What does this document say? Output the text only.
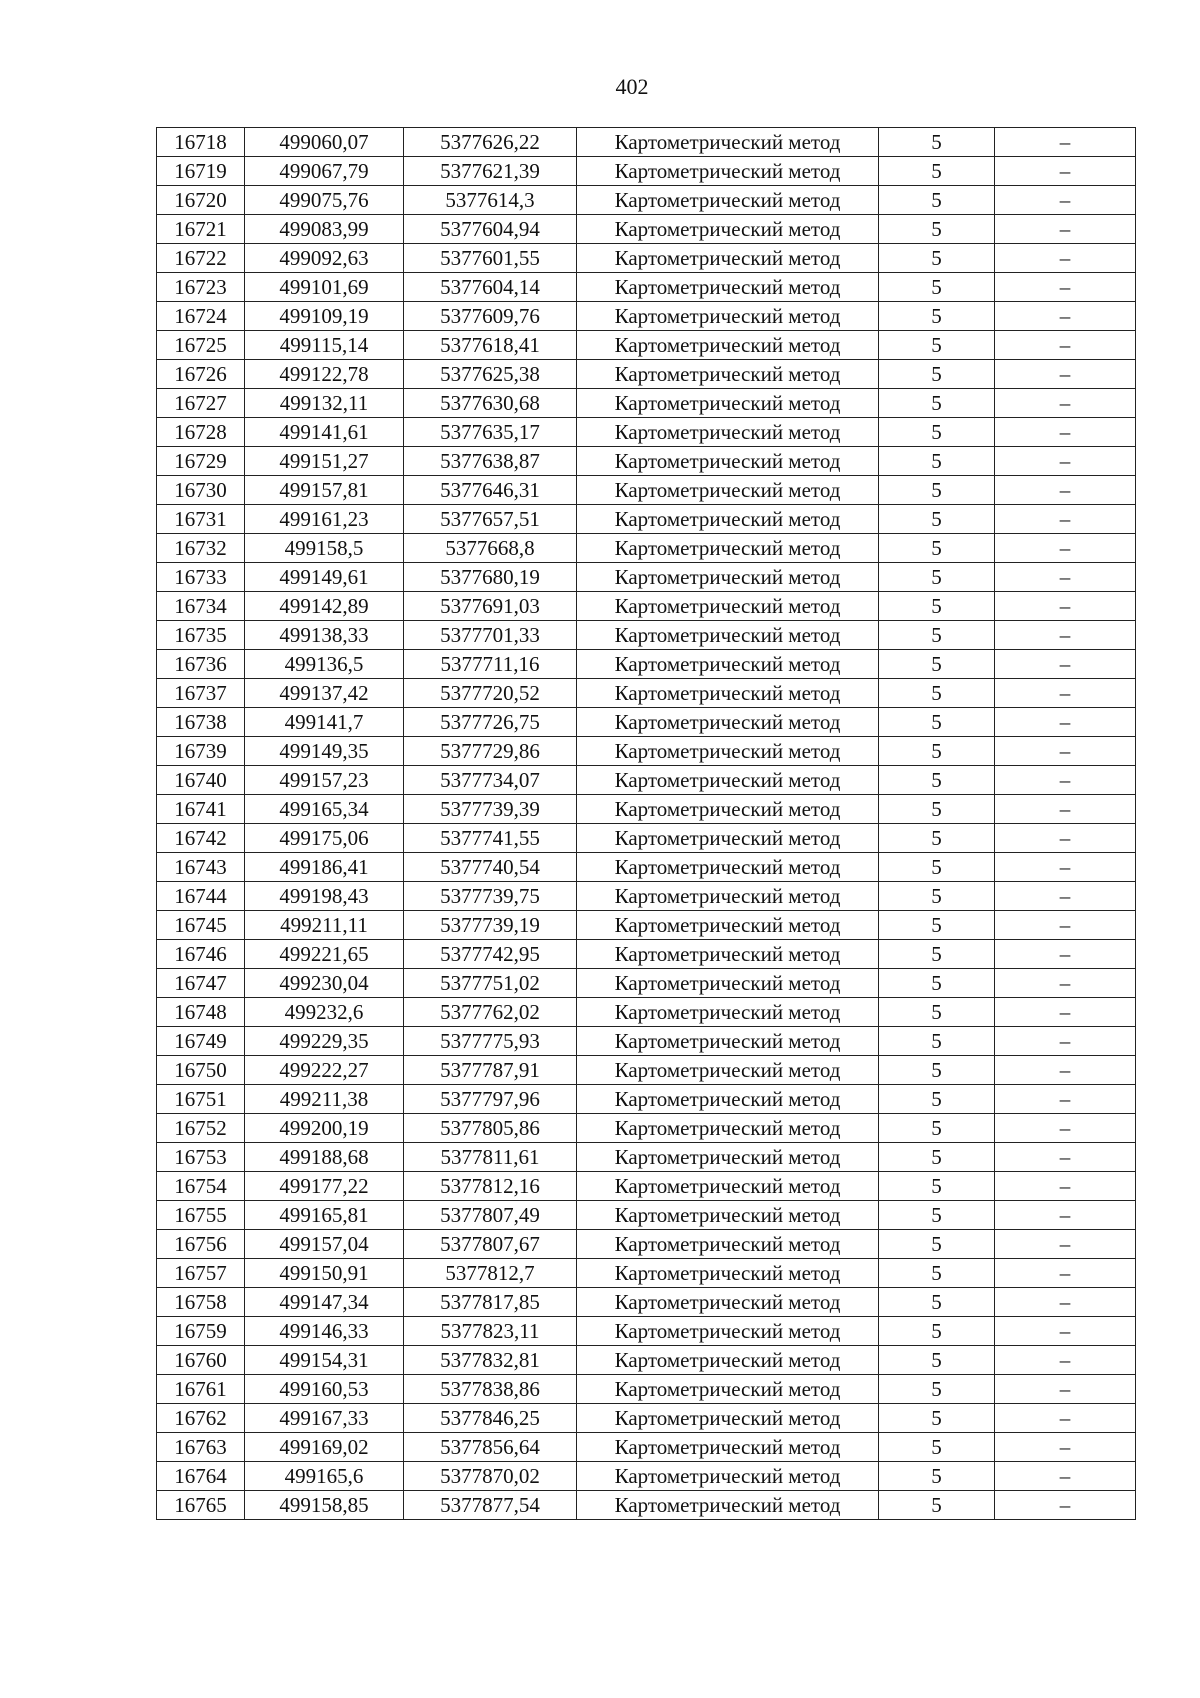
402
16718	499060,07	5377626,22	Картометрический метод	5	–
16719	499067,79	5377621,39	Картометрический метод	5	–
16720	499075,76	5377614,3	Картометрический метод	5	–
16721	499083,99	5377604,94	Картометрический метод	5	–
16722	499092,63	5377601,55	Картометрический метод	5	–
16723	499101,69	5377604,14	Картометрический метод	5	–
16724	499109,19	5377609,76	Картометрический метод	5	–
16725	499115,14	5377618,41	Картометрический метод	5	–
16726	499122,78	5377625,38	Картометрический метод	5	–
16727	499132,11	5377630,68	Картометрический метод	5	–
16728	499141,61	5377635,17	Картометрический метод	5	–
16729	499151,27	5377638,87	Картометрический метод	5	–
16730	499157,81	5377646,31	Картометрический метод	5	–
16731	499161,23	5377657,51	Картометрический метод	5	–
16732	499158,5	5377668,8	Картометрический метод	5	–
16733	499149,61	5377680,19	Картометрический метод	5	–
16734	499142,89	5377691,03	Картометрический метод	5	–
16735	499138,33	5377701,33	Картометрический метод	5	–
16736	499136,5	5377711,16	Картометрический метод	5	–
16737	499137,42	5377720,52	Картометрический метод	5	–
16738	499141,7	5377726,75	Картометрический метод	5	–
16739	499149,35	5377729,86	Картометрический метод	5	–
16740	499157,23	5377734,07	Картометрический метод	5	–
16741	499165,34	5377739,39	Картометрический метод	5	–
16742	499175,06	5377741,55	Картометрический метод	5	–
16743	499186,41	5377740,54	Картометрический метод	5	–
16744	499198,43	5377739,75	Картометрический метод	5	–
16745	499211,11	5377739,19	Картометрический метод	5	–
16746	499221,65	5377742,95	Картометрический метод	5	–
16747	499230,04	5377751,02	Картометрический метод	5	–
16748	499232,6	5377762,02	Картометрический метод	5	–
16749	499229,35	5377775,93	Картометрический метод	5	–
16750	499222,27	5377787,91	Картометрический метод	5	–
16751	499211,38	5377797,96	Картометрический метод	5	–
16752	499200,19	5377805,86	Картометрический метод	5	–
16753	499188,68	5377811,61	Картометрический метод	5	–
16754	499177,22	5377812,16	Картометрический метод	5	–
16755	499165,81	5377807,49	Картометрический метод	5	–
16756	499157,04	5377807,67	Картометрический метод	5	–
16757	499150,91	5377812,7	Картометрический метод	5	–
16758	499147,34	5377817,85	Картометрический метод	5	–
16759	499146,33	5377823,11	Картометрический метод	5	–
16760	499154,31	5377832,81	Картометрический метод	5	–
16761	499160,53	5377838,86	Картометрический метод	5	–
16762	499167,33	5377846,25	Картометрический метод	5	–
16763	499169,02	5377856,64	Картометрический метод	5	–
16764	499165,6	5377870,02	Картометрический метод	5	–
16765	499158,85	5377877,54	Картометрический метод	5	–
